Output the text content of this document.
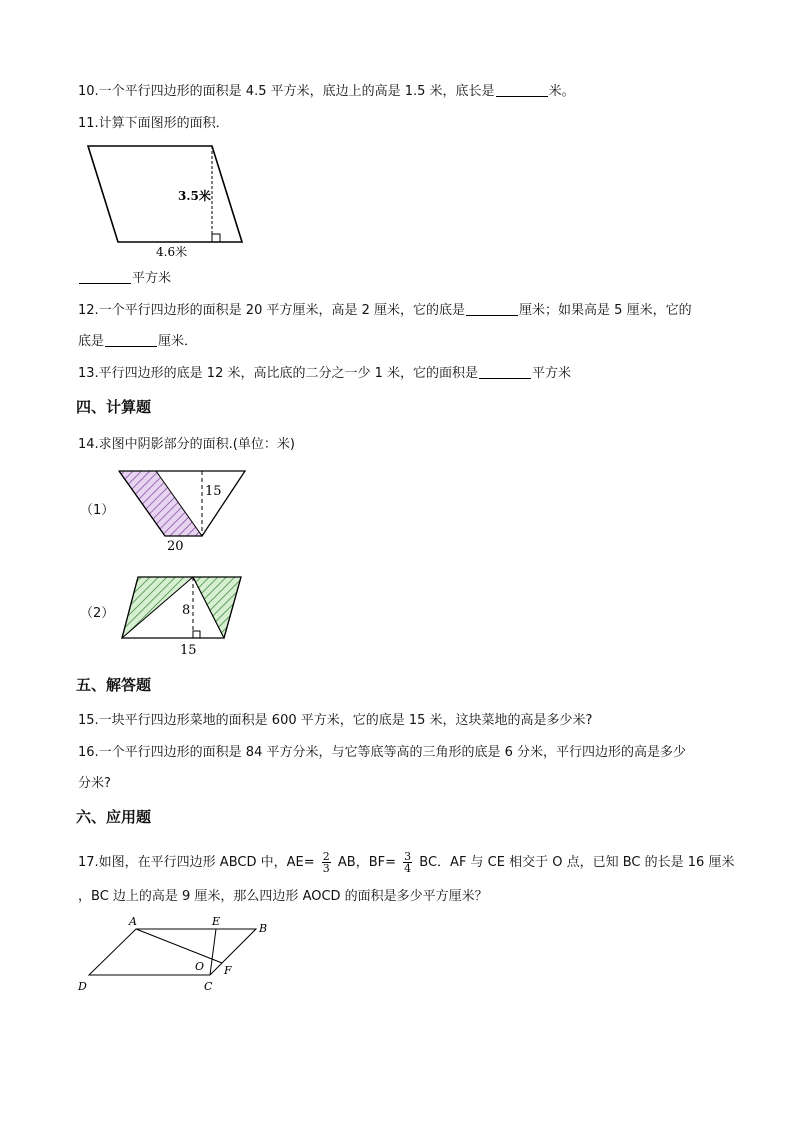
10.一个平行四边形的面积是 4.5 平方米，底边上的高是 1.5 米，底长是	米。
11.计算下面图形的面积．
3.5米
4.6米
平方米
12.一个平行四边形的面积是 20 平方厘米，高是 2 厘米，它的底是	厘米；如果高是 5 厘米，它的
底是	厘米．
13.平行四边形的底是 12 米，高比底的二分之一少 1 米，它的面积是	平方米
四、计算题
14.求图中阴影部分的面积.(单位：米)
（1）
15
20
（2）	8
15
五、解答题
15.一块平行四边形菜地的面积是 600 平方米，它的底是 15 米，这块菜地的高是多少米?
16.一个平行四边形的面积是 84 平方分米，与它等底等高的三角形的底是 6 分米，平行四边形的高是多少
分米?
六、应用题
17.如图，在平行四边形 ABCD 中，$AE= \frac{2}{3}$ AB，$BF= \frac{3}{4}$ BC．AF 与 CE 相交于 O 点，已知 BC 的长是 16 厘米
，BC 边上的高是 9 厘米，那么四边形 AOCD 的面积是多少平方厘米？
A	E
B
O F
D	C
